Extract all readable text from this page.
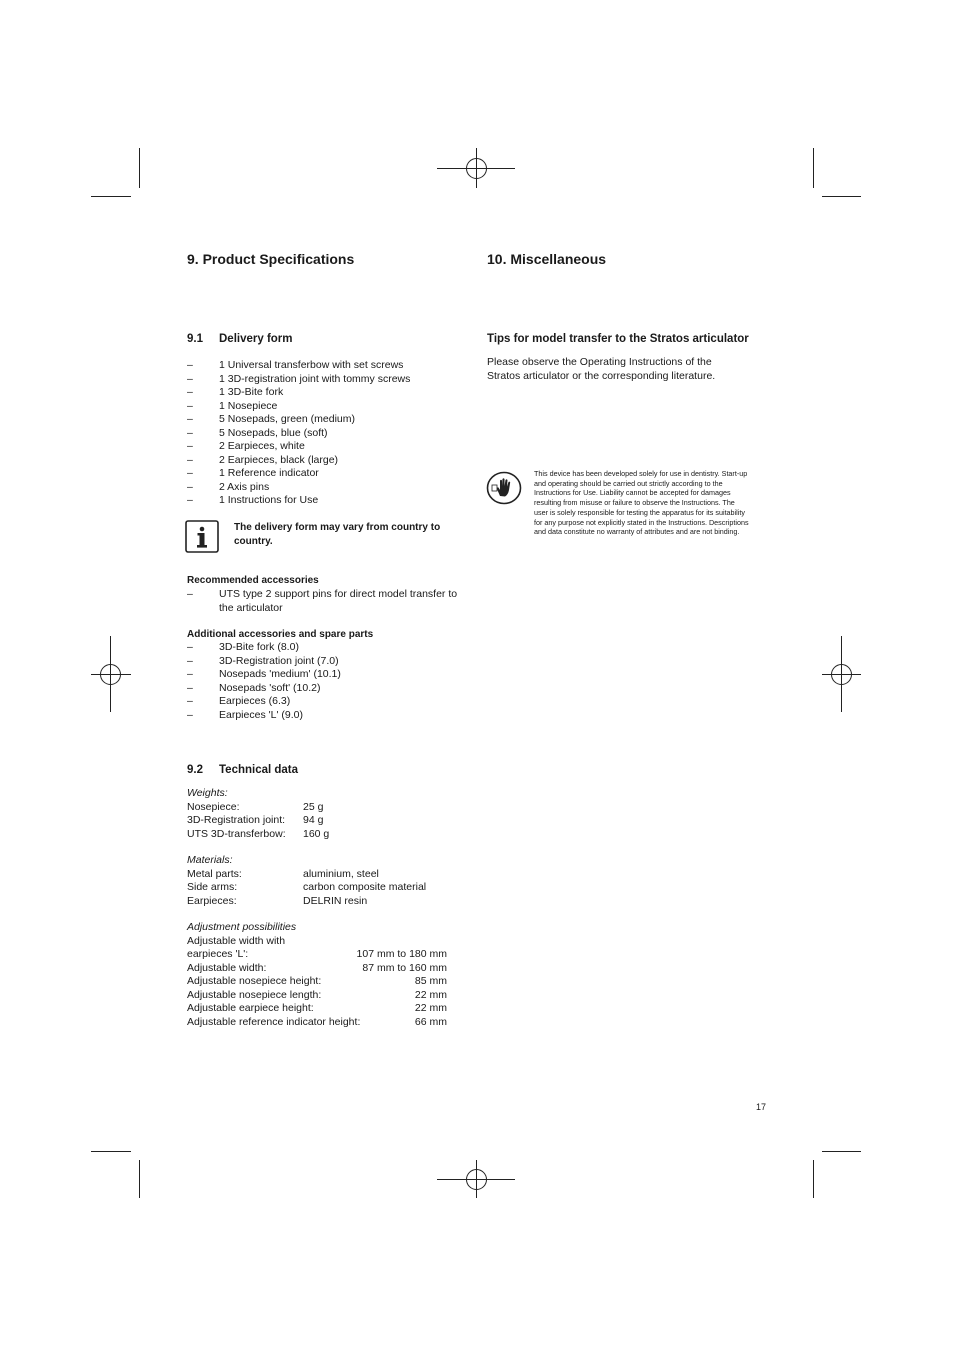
9. Product Specifications
9.1 Delivery form
– 1 Universal transferbow with set screws
– 1 3D-registration joint with tommy screws
– 1 3D-Bite fork
– 1 Nosepiece
– 5 Nosepads, green (medium)
– 5 Nosepads, blue (soft)
– 2 Earpieces, white
– 2 Earpieces, black (large)
– 1 Reference indicator
– 2 Axis pins
– 1 Instructions for Use
The delivery form may vary from country to
country.
Recommended accessories
– UTS type 2 support pins for direct model transfer to
the articulator
Additional accessories and spare parts
– 3D-Bite fork (8.0)
– 3D-Registration joint (7.0)
– Nosepads 'medium' (10.1)
– Nosepads 'soft' (10.2)
– Earpieces (6.3)
– Earpieces 'L' (9.0)
9.2 Technical data
Weights:
Nosepiece:	25 g
3D-Registration joint:	94 g
UTS 3D-transferbow:	160 g
Materials:
Metal parts:	aluminium, steel
Side arms:	carbon composite material
Earpieces:	DELRIN resin
Adjustment possibilities
Adjustable width with
earpieces 'L':	107 mm to 180 mm
Adjustable width:	87 mm to 160 mm
Adjustable nosepiece height:	85 mm
Adjustable nosepiece length:	22 mm
Adjustable earpiece height:	22 mm
Adjustable reference indicator height:	66 mm
10. Miscellaneous
Tips for model transfer to the Stratos articulator
Please observe the Operating Instructions of the
Stratos articulator or the corresponding literature.
This device has been developed solely for use in dentistry. Start-up
and operating should be carried out strictly according to the
Instructions for Use. Liability cannot be accepted for damages
resulting from misuse or failure to observe the Instructions. The
user is solely responsible for testing the apparatus for its suitability
for any purpose not explicitly stated in the Instructions. Descriptions
and data constitute no warranty of attributes and are not binding.
17
